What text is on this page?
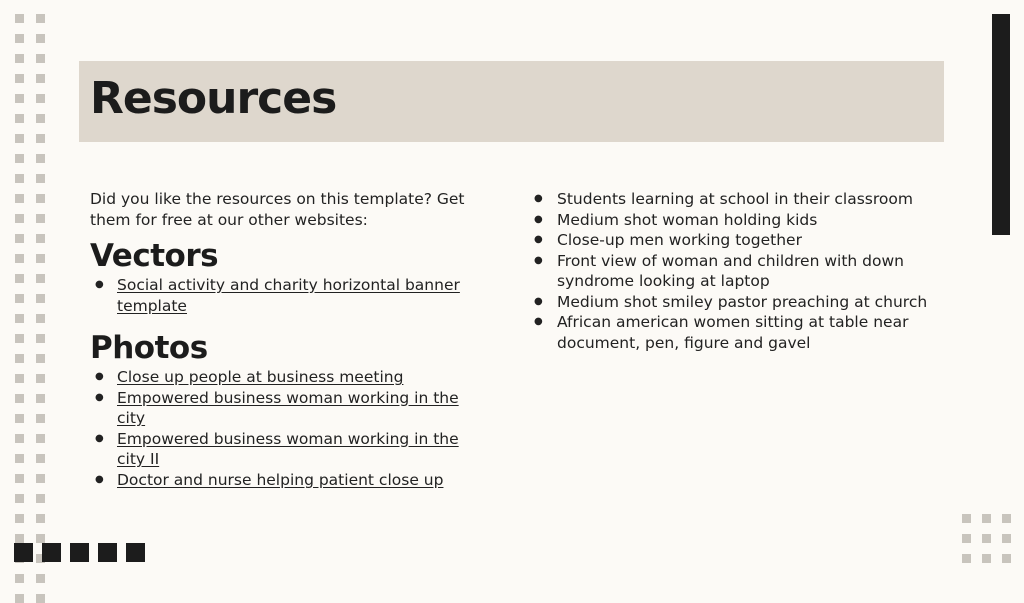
Resources

Did you like the resources on this template? Get them for free at our other websites:

Vectors
● Social activity and charity horizontal banner template
Photos
● Close up people at business meeting
● Empowered business woman working in the city
● Empowered business woman working in the city II
● Doctor and nurse helping patient close up
● Students learning at school in their classroom
● Medium shot woman holding kids
● Close-up men working together
● Front view of woman and children with down syndrome looking at laptop
● Medium shot smiley pastor preaching at church
● African american women sitting at table near document, pen, figure and gavel
